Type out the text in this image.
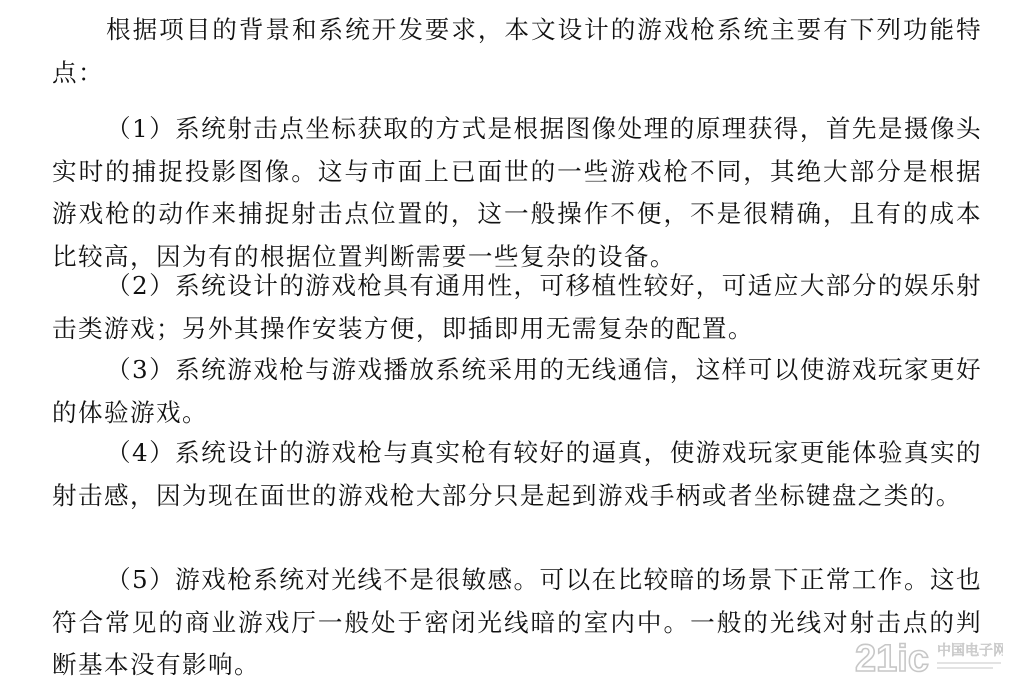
根据项目的背景和系统开发要求，本文设计的游戏枪系统主要有下列功能特点：

（1）系统射击点坐标获取的方式是根据图像处理的原理获得，首先是摄像头实时的捕捉投影图像。这与市面上已面世的一些游戏枪不同，其绝大部分是根据游戏枪的动作来捕捉射击点位置的，这一般操作不便，不是很精确，且有的成本比较高，因为有的根据位置判断需要一些复杂的设备。

（2）系统设计的游戏枪具有通用性，可移植性较好，可适应大部分的娱乐射击类游戏；另外其操作安装方便，即插即用无需复杂的配置。

（3）系统游戏枪与游戏播放系统采用的无线通信，这样可以使游戏玩家更好的体验游戏。

（4）系统设计的游戏枪与真实枪有较好的逼真，使游戏玩家更能体验真实的射击感，因为现在面世的游戏枪大部分只是起到游戏手柄或者坐标键盘之类的。

（5）游戏枪系统对光线不是很敏感。可以在比较暗的场景下正常工作。这也符合常见的商业游戏厅一般处于密闭光线暗的室内中。一般的光线对射击点的判断基本没有影响。	21ic 中国电子网
